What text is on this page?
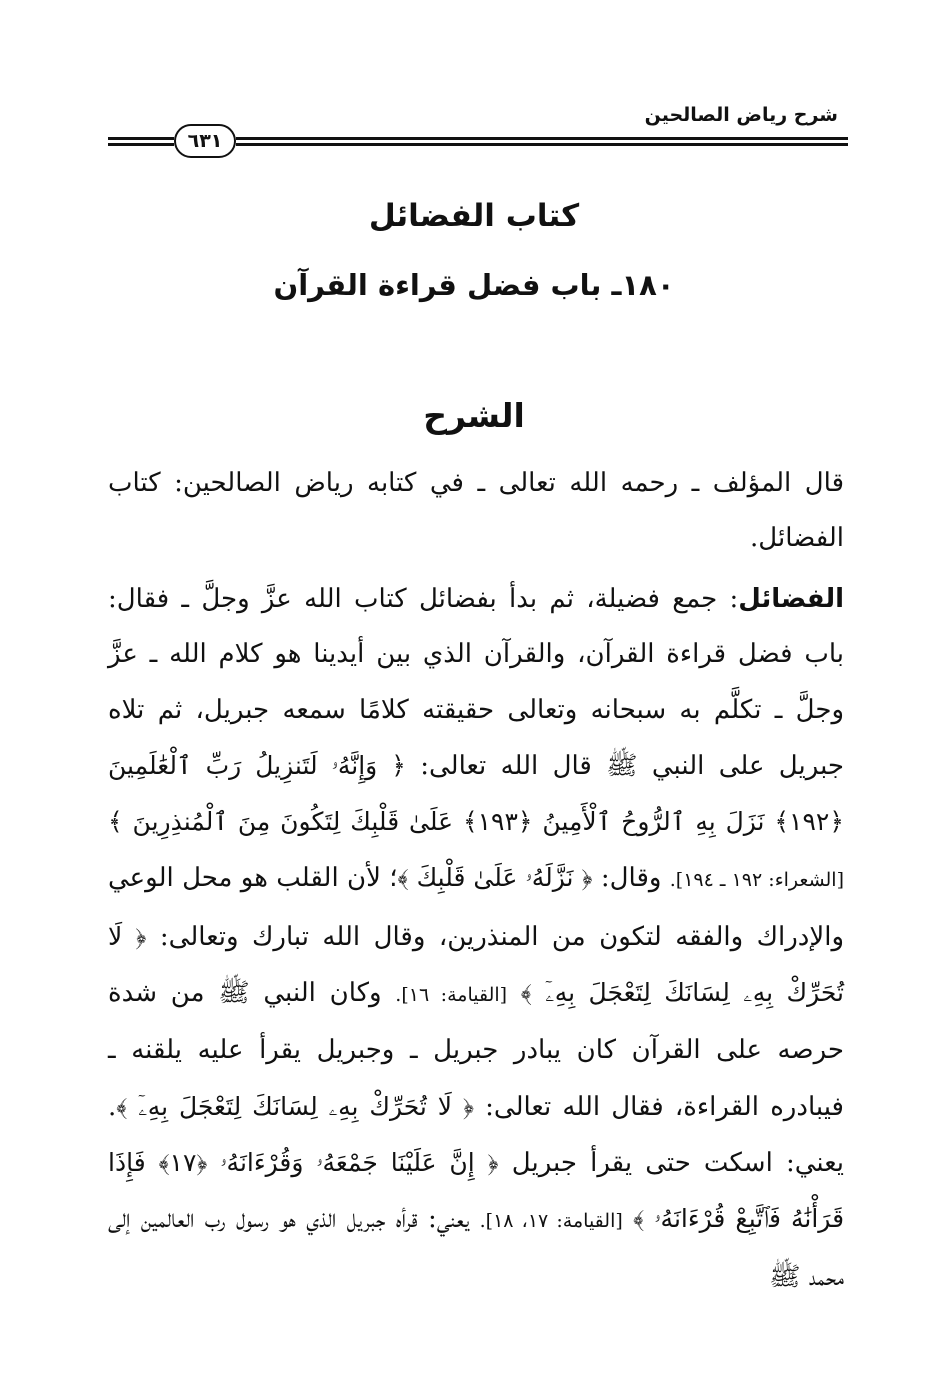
شرح رياض الصالحين
٦٣١
كتاب الفضائل
١٨٠ـ باب فضل قراءة القرآن
الشرح
قال المؤلف ـ رحمه الله تعالى ـ في كتابه رياض الصالحين: كتاب الفضائل.
الفضائل: جمع فضيلة، ثم بدأ بفضائل كتاب الله عزَّ وجلَّ ـ فقال: باب فضل قراءة القرآن، والقرآن الذي بين أيدينا هو كلام الله ـ عزَّ وجلَّ ـ تكلَّم به سبحانه وتعالى حقيقته كلامًا سمعه جبريل، ثم تلاه جبريل على النبي ﷺ قال الله تعالى: ﴿ وَإِنَّهُۥ لَتَنزِيلُ رَبِّ ٱلْعَٰلَمِينَ ﴿١٩٢﴾ نَزَلَ بِهِ ٱلرُّوحُ ٱلْأَمِينُ ﴿١٩٣﴾ عَلَىٰ قَلْبِكَ لِتَكُونَ مِنَ ٱلْمُنذِرِينَ ﴾ [الشعراء: ١٩٢ ـ ١٩٤]. وقال: ﴿ نَزَّلَهُۥ عَلَىٰ قَلْبِكَ ﴾؛ لأن القلب هو محل الوعي والإدراك والفقه لتكون من المنذرين، وقال الله تبارك وتعالى: ﴿ لَا تُحَرِّكْ بِهِۦ لِسَانَكَ لِتَعْجَلَ بِهِۦٓ ﴾ [القيامة: ١٦]. وكان النبي ﷺ من شدة حرصه على القرآن كان يبادر جبريل ـ وجبريل يقرأ عليه يلقنه ـ فيبادره القراءة، فقال الله تعالى: ﴿ لَا تُحَرِّكْ بِهِۦ لِسَانَكَ لِتَعْجَلَ بِهِۦٓ ﴾. يعني: اسكت حتى يقرأ جبريل ﴿ إِنَّ عَلَيْنَا جَمْعَهُۥ وَقُرْءَانَهُۥ ﴿١٧﴾ فَإِذَا قَرَأْنَٰهُ فَٱتَّبِعْ قُرْءَانَهُۥ ﴾ [القيامة: ١٧، ١٨]. يعني: قرأه جبريل الذي هو رسول رب العالمين إلى محمد ﷺ
